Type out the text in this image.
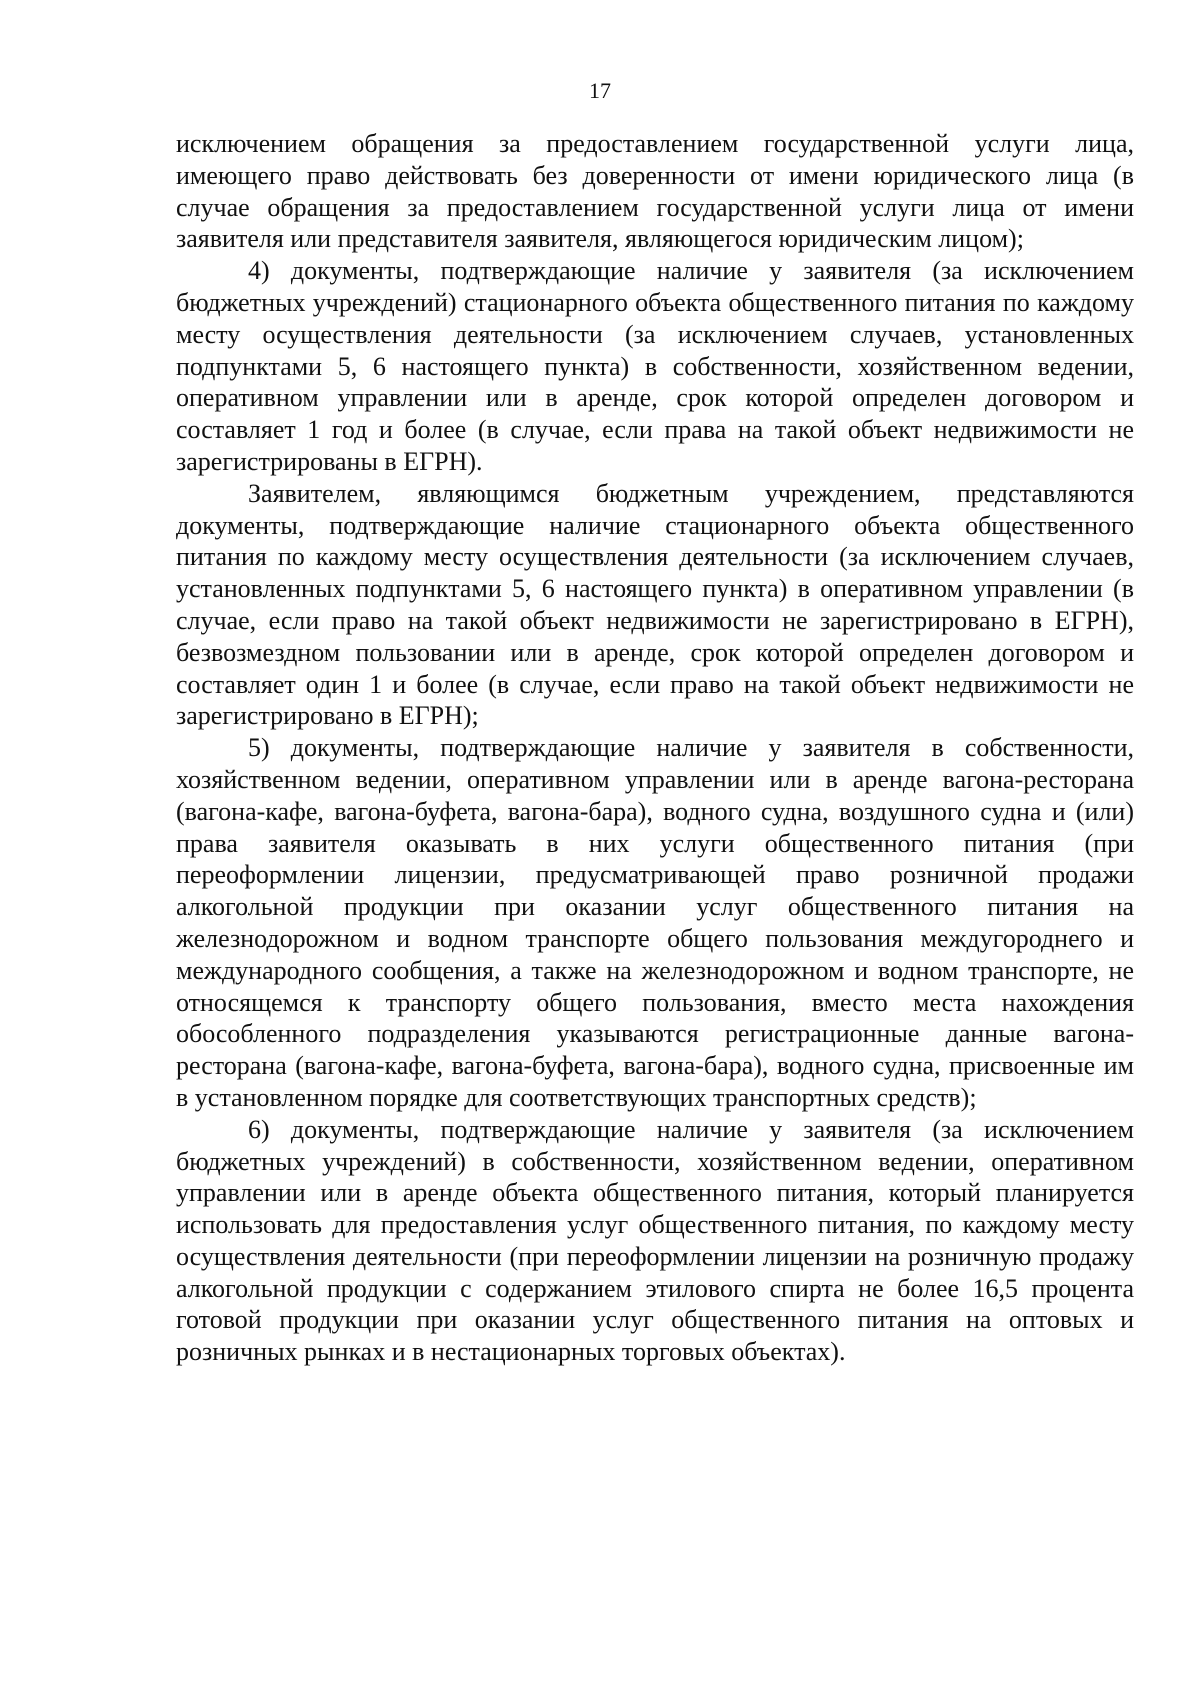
17

исключением обращения за предоставлением государственной услуги лица, имеющего право действовать без доверенности от имени юридического лица (в случае обращения за предоставлением государственной услуги лица от имени заявителя или представителя заявителя, являющегося юридическим лицом);

4) документы, подтверждающие наличие у заявителя (за исключением бюджетных учреждений) стационарного объекта общественного питания по каждому месту осуществления деятельности (за исключением случаев, установленных подпунктами 5, 6 настоящего пункта) в собственности, хозяйственном ведении, оперативном управлении или в аренде, срок которой определен договором и составляет 1 год и более (в случае, если права на такой объект недвижимости не зарегистрированы в ЕГРН).

Заявителем, являющимся бюджетным учреждением, представляются документы, подтверждающие наличие стационарного объекта общественного питания по каждому месту осуществления деятельности (за исключением случаев, установленных подпунктами 5, 6 настоящего пункта) в оперативном управлении (в случае, если право на такой объект недвижимости не зарегистрировано в ЕГРН), безвозмездном пользовании или в аренде, срок которой определен договором и составляет один 1 и более (в случае, если право на такой объект недвижимости не зарегистрировано в ЕГРН);

5) документы, подтверждающие наличие у заявителя в собственности, хозяйственном ведении, оперативном управлении или в аренде вагона-ресторана (вагона-кафе, вагона-буфета, вагона-бара), водного судна, воздушного судна и (или) права заявителя оказывать в них услуги общественного питания (при переоформлении лицензии, предусматривающей право розничной продажи алкогольной продукции при оказании услуг общественного питания на железнодорожном и водном транспорте общего пользования междугороднего и международного сообщения, а также на железнодорожном и водном транспорте, не относящемся к транспорту общего пользования, вместо места нахождения обособленного подразделения указываются регистрационные данные вагона-ресторана (вагона-кафе, вагона-буфета, вагона-бара), водного судна, присвоенные им в установленном порядке для соответствующих транспортных средств);

6) документы, подтверждающие наличие у заявителя (за исключением бюджетных учреждений) в собственности, хозяйственном ведении, оперативном управлении или в аренде объекта общественного питания, который планируется использовать для предоставления услуг общественного питания, по каждому месту осуществления деятельности (при переоформлении лицензии на розничную продажу алкогольной продукции с содержанием этилового спирта не более 16,5 процента готовой продукции при оказании услуг общественного питания на оптовых и розничных рынках и в нестационарных торговых объектах).
